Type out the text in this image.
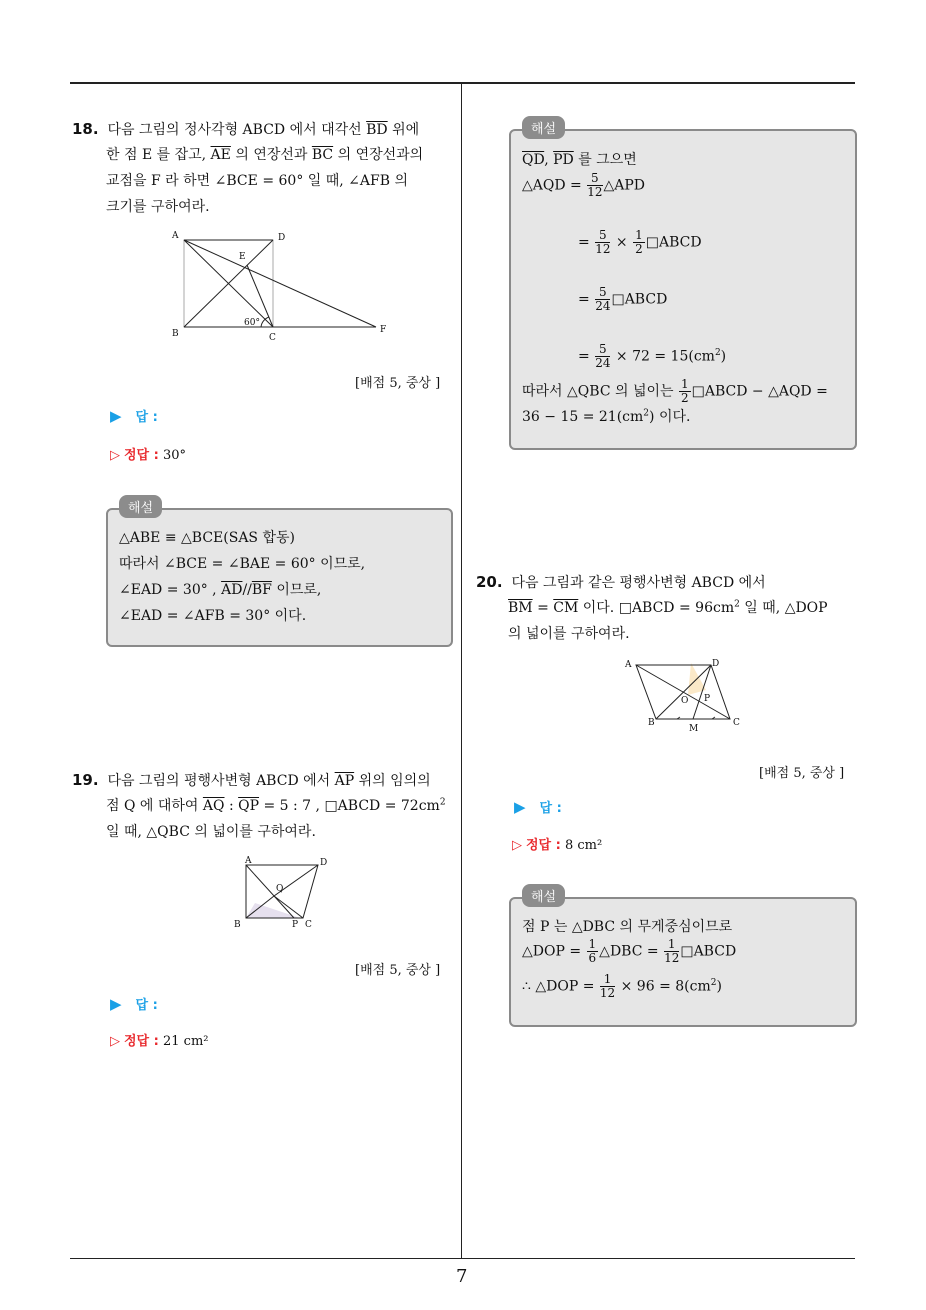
18.  다음 그림의 정사각형 ABCD 에서 대각선 $\overline{BD}$ 위에
한 점 E 를 잡고, $\overline{AE}$ 의 연장선과 $\overline{BC}$ 의 연장선과의
교점을 F 라 하면 ∠BCE = 60° 일 때, ∠AFB 의
크기를 구하여라.
A	D
E
B	C
F
60°
[배점 5, 중상 ]
▶ 답 :
▷ 정답 : 30°
해설
△ABE ≡ △BCE(SAS 합동)
따라서 ∠BCE = ∠BAE = 60° 이므로,
∠EAD = 30° , $\overline{AD}//\overline{BF}$ 이므로,
∠EAD = ∠AFB = 30° 이다.
19.  다음 그림의 평행사변형 ABCD 에서 $\overline{AP}$ 위의 임의의
점 Q 에 대하여 $\overline{AQ}$ : $\overline{QP} = 5$ : 7 , □ABCD = $72cm^2$
일 때, △QBC 의 넓이를 구하여라.
A	D
Q
B	P C
[배점 5, 중상 ]
▶ 답 :
▷ 정답 : 21 cm²
해설
$\overline{QD}$, $\overline{PD}$ 를 그으면
△AQD = $\frac{5}{12}$ △APD
= $\frac{5}{12} \times \frac{1}{2}$ □ABCD
= $\frac{5}{24}$ □ABCD
= $\frac{5}{24} \times 72 = 15(cm^2)$
따라서 △QBC 의 넓이는 $\frac{1}{2}$ □ABCD − △AQD =
$36 - 15 = 21(cm^2)$ 이다.
20.  다음 그림과 같은 평행사변형 ABCD 에서
$\overline{BM} = \overline{CM}$ 이다. □ABCD = $96cm^2$ 일 때, △DOP
의 넓이를 구하여라.
A	D
O P
B
M
C
[배점 5, 중상 ]
▶ 답 :
▷ 정답 : 8 cm²
해설
점 P 는 △DBC 의 무게중심이므로
△DOP = $\frac{1}{6}$ △DBC = $\frac{1}{12}$ □ABCD
∴ △DOP = $\frac{1}{12} \times 96 = 8(cm^2)$
7
